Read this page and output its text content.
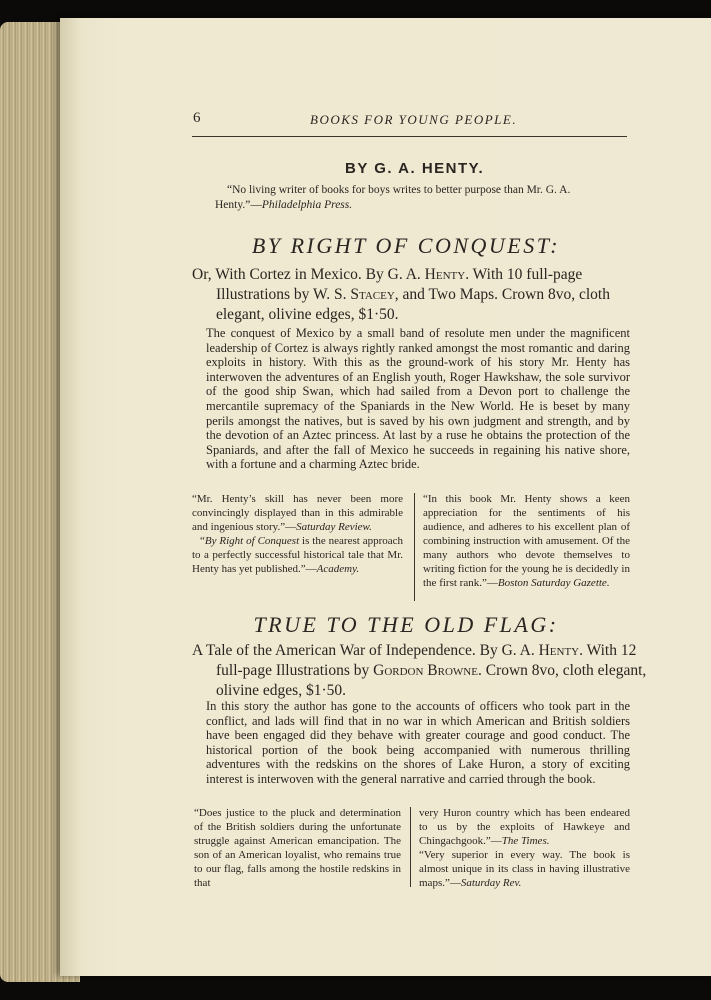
6	BOOKS FOR YOUNG PEOPLE.
BY G. A. HENTY.
“No living writer of books for boys writes to better purpose than Mr. G. A. Henty.”—Philadelphia Press.
BY RIGHT OF CONQUEST:
Or, With Cortez in Mexico. By G. A. Henty. With 10 full-page Illustrations by W. S. Stacey, and Two Maps. Crown 8vo, cloth elegant, olivine edges, $1·50.
The conquest of Mexico by a small band of resolute men under the magnificent leadership of Cortez is always rightly ranked amongst the most romantic and daring exploits in history. With this as the ground-work of his story Mr. Henty has interwoven the adventures of an English youth, Roger Hawkshaw, the sole survivor of the good ship Swan, which had sailed from a Devon port to challenge the mercantile supremacy of the Spaniards in the New World. He is beset by many perils amongst the natives, but is saved by his own judgment and strength, and by the devotion of an Aztec princess. At last by a ruse he obtains the protection of the Spaniards, and after the fall of Mexico he succeeds in regaining his native shore, with a fortune and a charming Aztec bride.
“Mr. Henty’s skill has never been more convincingly displayed than in this admirable and ingenious story.”—Saturday Review.
“By Right of Conquest is the nearest approach to a perfectly successful historical tale that Mr. Henty has yet published.”—Academy.
“In this book Mr. Henty shows a keen appreciation for the sentiments of his audience, and adheres to his excellent plan of combining instruction with amusement. Of the many authors who devote themselves to writing fiction for the young he is decidedly in the first rank.”—Boston Saturday Gazette.
TRUE TO THE OLD FLAG:
A Tale of the American War of Independence. By G. A. Henty. With 12 full-page Illustrations by Gordon Browne. Crown 8vo, cloth elegant, olivine edges, $1·50.
In this story the author has gone to the accounts of officers who took part in the conflict, and lads will find that in no war in which American and British soldiers have been engaged did they behave with greater courage and good conduct. The historical portion of the book being accompanied with numerous thrilling adventures with the redskins on the shores of Lake Huron, a story of exciting interest is interwoven with the general narrative and carried through the book.
“Does justice to the pluck and determination of the British soldiers during the unfortunate struggle against American emancipation. The son of an American loyalist, who remains true to our flag, falls among the hostile redskins in that
very Huron country which has been endeared to us by the exploits of Hawkeye and Chingachgook.”—The Times.
“Very superior in every way. The book is almost unique in its class in having illustrative maps.”—Saturday Rev.
